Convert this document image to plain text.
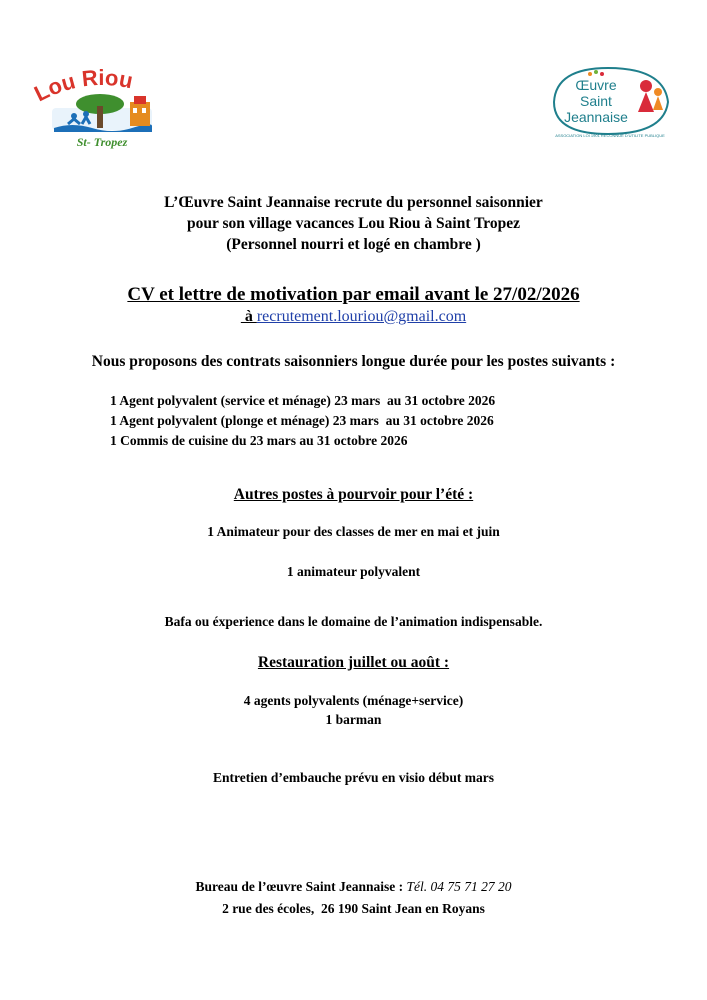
Lou Riou
St- Tropez
Œuvre
Saint
Jeannaise
ASSOCIATION LOI 1901 RECONNUE D'UTILITE PUBLIQUE
L’Œuvre Saint Jeannaise recrute du personnel saisonnier
pour son village vacances Lou Riou à Saint Tropez
(Personnel nourri et logé en chambre )
CV et lettre de motivation par email avant le 27/02/2026
à recrutement.louriou@gmail.com
Nous proposons des contrats saisonniers longue durée pour les postes suivants :
1 Agent polyvalent (service et ménage) 23 mars  au 31 octobre 2026
1 Agent polyvalent (plonge et ménage) 23 mars  au 31 octobre 2026
1 Commis de cuisine du 23 mars au 31 octobre 2026
Autres postes à pourvoir pour l’été :
1 Animateur pour des classes de mer en mai et juin
1 animateur polyvalent
Bafa ou éxperience dans le domaine de l’animation indispensable.
Restauration juillet ou août :
4 agents polyvalents (ménage+service)
1 barman
Entretien d’embauche prévu en visio début mars
Bureau de l’œuvre Saint Jeannaise : Tél. 04 75 71 27 20
2 rue des écoles,  26 190 Saint Jean en Royans
